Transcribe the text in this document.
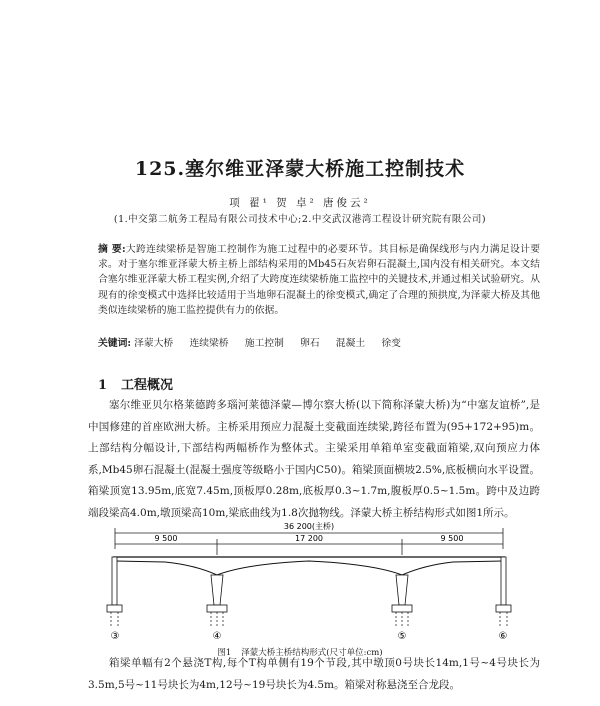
125.塞尔维亚泽蒙大桥施工控制技术
项 翟¹ 贺 卓² 唐俊云²
(1.中交第二航务工程局有限公司技术中心;2.中交武汉港湾工程设计研究院有限公司)
摘 要:大跨连续梁桥是智施工控制作为施工过程中的必要环节。其目标是确保线形与内力满足设计要求。对于塞尔维亚泽蒙大桥主桥上部结构采用的Mb45石灰岩卵石混凝土,国内没有相关研究。本文结合塞尔维亚泽蒙大桥工程实例,介绍了大跨度连续梁桥施工监控中的关键技术,并通过相关试验研究。从现有的徐变模式中选择比较适用于当地卵石混凝土的徐变模式,确定了合理的预拱度,为泽蒙大桥及其他类似连续梁桥的施工监控提供有力的依据。
关键词: 泽蒙大桥 连续梁桥 施工控制 卵石 混凝土 徐变
1 工程概况
塞尔维亚贝尔格莱德跨多瑙河莱德泽蒙—博尔察大桥(以下简称泽蒙大桥)为“中塞友谊桥”,是中国修建的首座欧洲大桥。主桥采用预应力混凝土变截面连续梁,跨径布置为(95+172+95)m。上部结构分幅设计,下部结构两幅桥作为整体式。主梁采用单箱单室变截面箱梁,双向预应力体系,Mb45卵石混凝土(混凝土强度等级略小于国内C50)。箱梁顶面横坡2.5%,底板横向水平设置。箱梁顶宽13.95m,底宽7.45m,顶板厚0.28m,底板厚0.3~1.7m,腹板厚0.5~1.5m。跨中及边跨端段梁高4.0m,墩顶梁高10m,梁底曲线为1.8次抛物线。泽蒙大桥主桥结构形式如图1所示。
36 200(主桥)
9 500	17 200	9 500
③	④	⑤	⑥
图1 泽蒙大桥主桥结构形式(尺寸单位:cm)
箱梁单幅有2个悬浇T构,每个T构单侧有19个节段,其中墩顶0号块长14m,1号~4号块长为3.5m,5号~11号块长为4m,12号~19号块长为4.5m。箱梁对称悬浇至合龙段。
